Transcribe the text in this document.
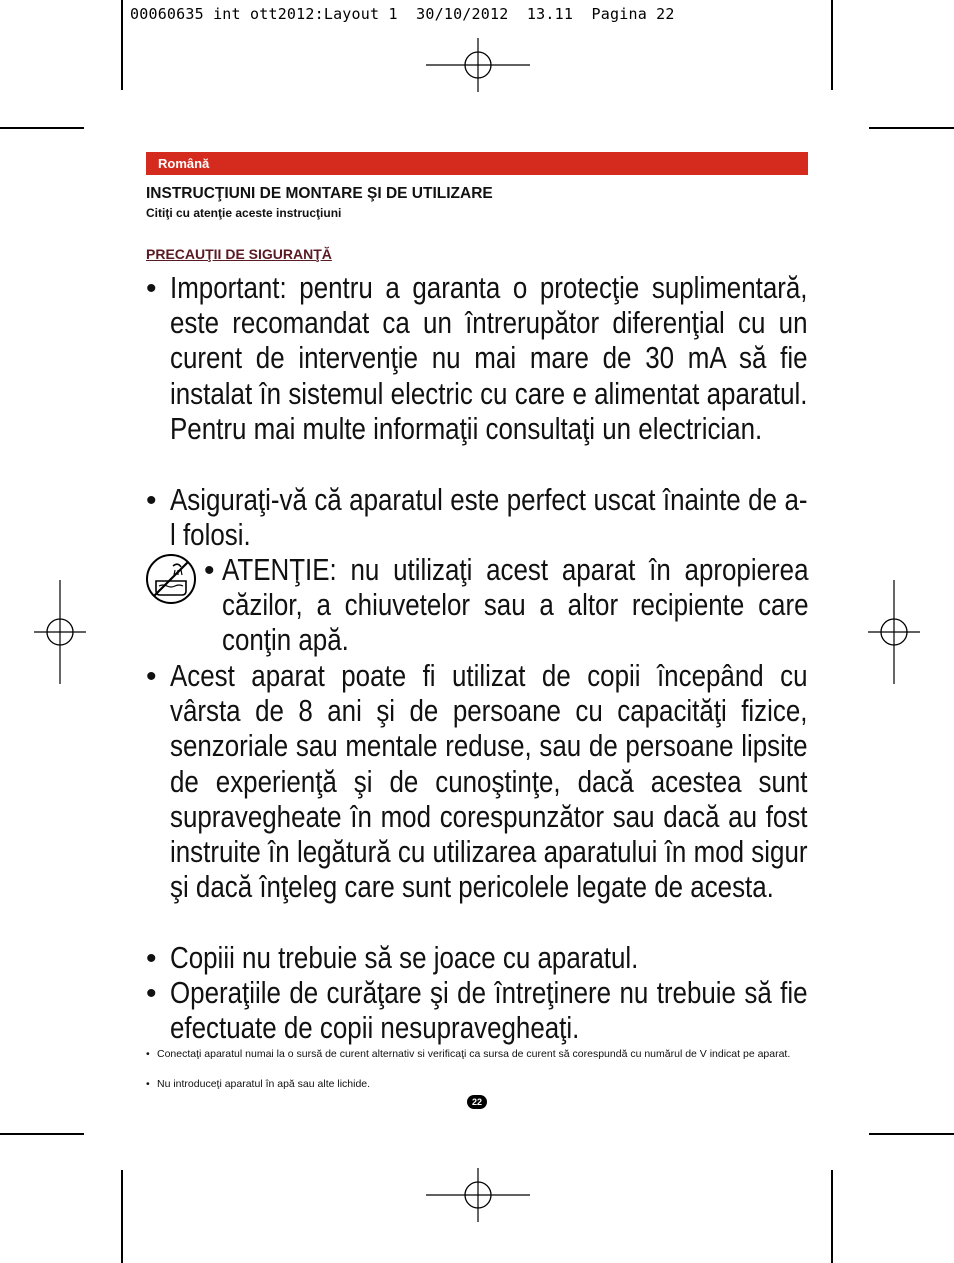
00060635 int ott2012:Layout 1  30/10/2012  13.11  Pagina 22
Română
INSTRUCŢIUNI DE MONTARE ŞI DE UTILIZARE
Citiţi cu atenţie aceste instrucţiuni
PRECAUŢII DE SIGURANŢĂ
• Important: pentru a garanta o protecţie suplimentară, este recomandat ca un întrerupător diferenţial cu un curent de intervenţie nu mai mare de 30 mA să fie instalat în sistemul electric cu care e alimentat aparatul. Pentru mai multe informaţii consultaţi un electrician.
• Asiguraţi-vă că aparatul este perfect uscat înainte de a-l folosi.
• ATENŢIE: nu utilizaţi acest aparat în apropierea căzilor, a chiuvetelor sau a altor recipiente care conţin apă.
• Acest aparat poate fi utilizat de copii începând cu vârsta de 8 ani şi de persoane cu capacităţi fizice, senzoriale sau mentale reduse, sau de persoane lipsite de experienţă şi de cunoştinţe, dacă acestea sunt supravegheate în mod corespunzător sau dacă au fost instruite în legătură cu utilizarea aparatului în mod sigur şi dacă înţeleg care sunt pericolele legate de acesta.
• Copiii nu trebuie să se joace cu aparatul.
• Operaţiile de curăţare şi de întreţinere nu trebuie să fie efectuate de copii nesupravegheaţi.
• Conectaţi aparatul numai la o sursă de curent alternativ si verificaţi ca sursa de curent să corespundă cu numărul de V indicat pe aparat.
• Nu introduceţi aparatul în apă sau alte lichide.
22
